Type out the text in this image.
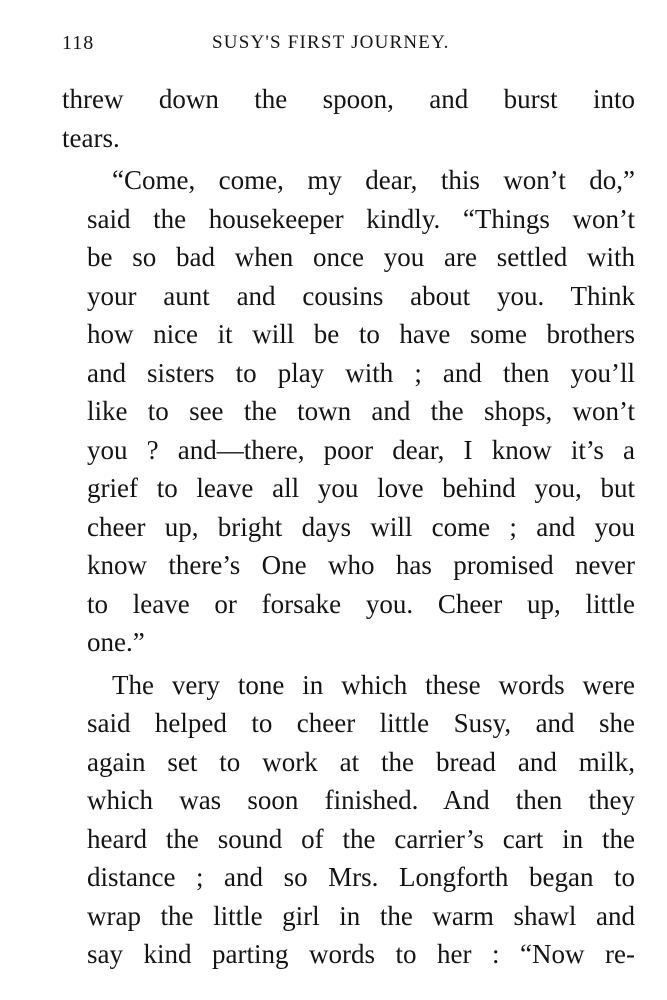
118	SUSY'S FIRST JOURNEY.

threw down the spoon, and burst into
tears.

“Come, come, my dear, this won’t do,”
said the housekeeper kindly. “Things won’t
be so bad when once you are settled with
your aunt and cousins about you. Think
how nice it will be to have some brothers
and sisters to play with ; and then you’ll
like to see the town and the shops, won’t
you ? and—there, poor dear, I know it’s a
grief to leave all you love behind you, but
cheer up, bright days will come ; and you
know there’s One who has promised never
to leave or forsake you. Cheer up, little
one.”

The very tone in which these words were
said helped to cheer little Susy, and she
again set to work at the bread and milk,
which was soon finished. And then they
heard the sound of the carrier’s cart in the
distance ; and so Mrs. Longforth began to
wrap the little girl in the warm shawl and
say kind parting words to her : “Now re-
